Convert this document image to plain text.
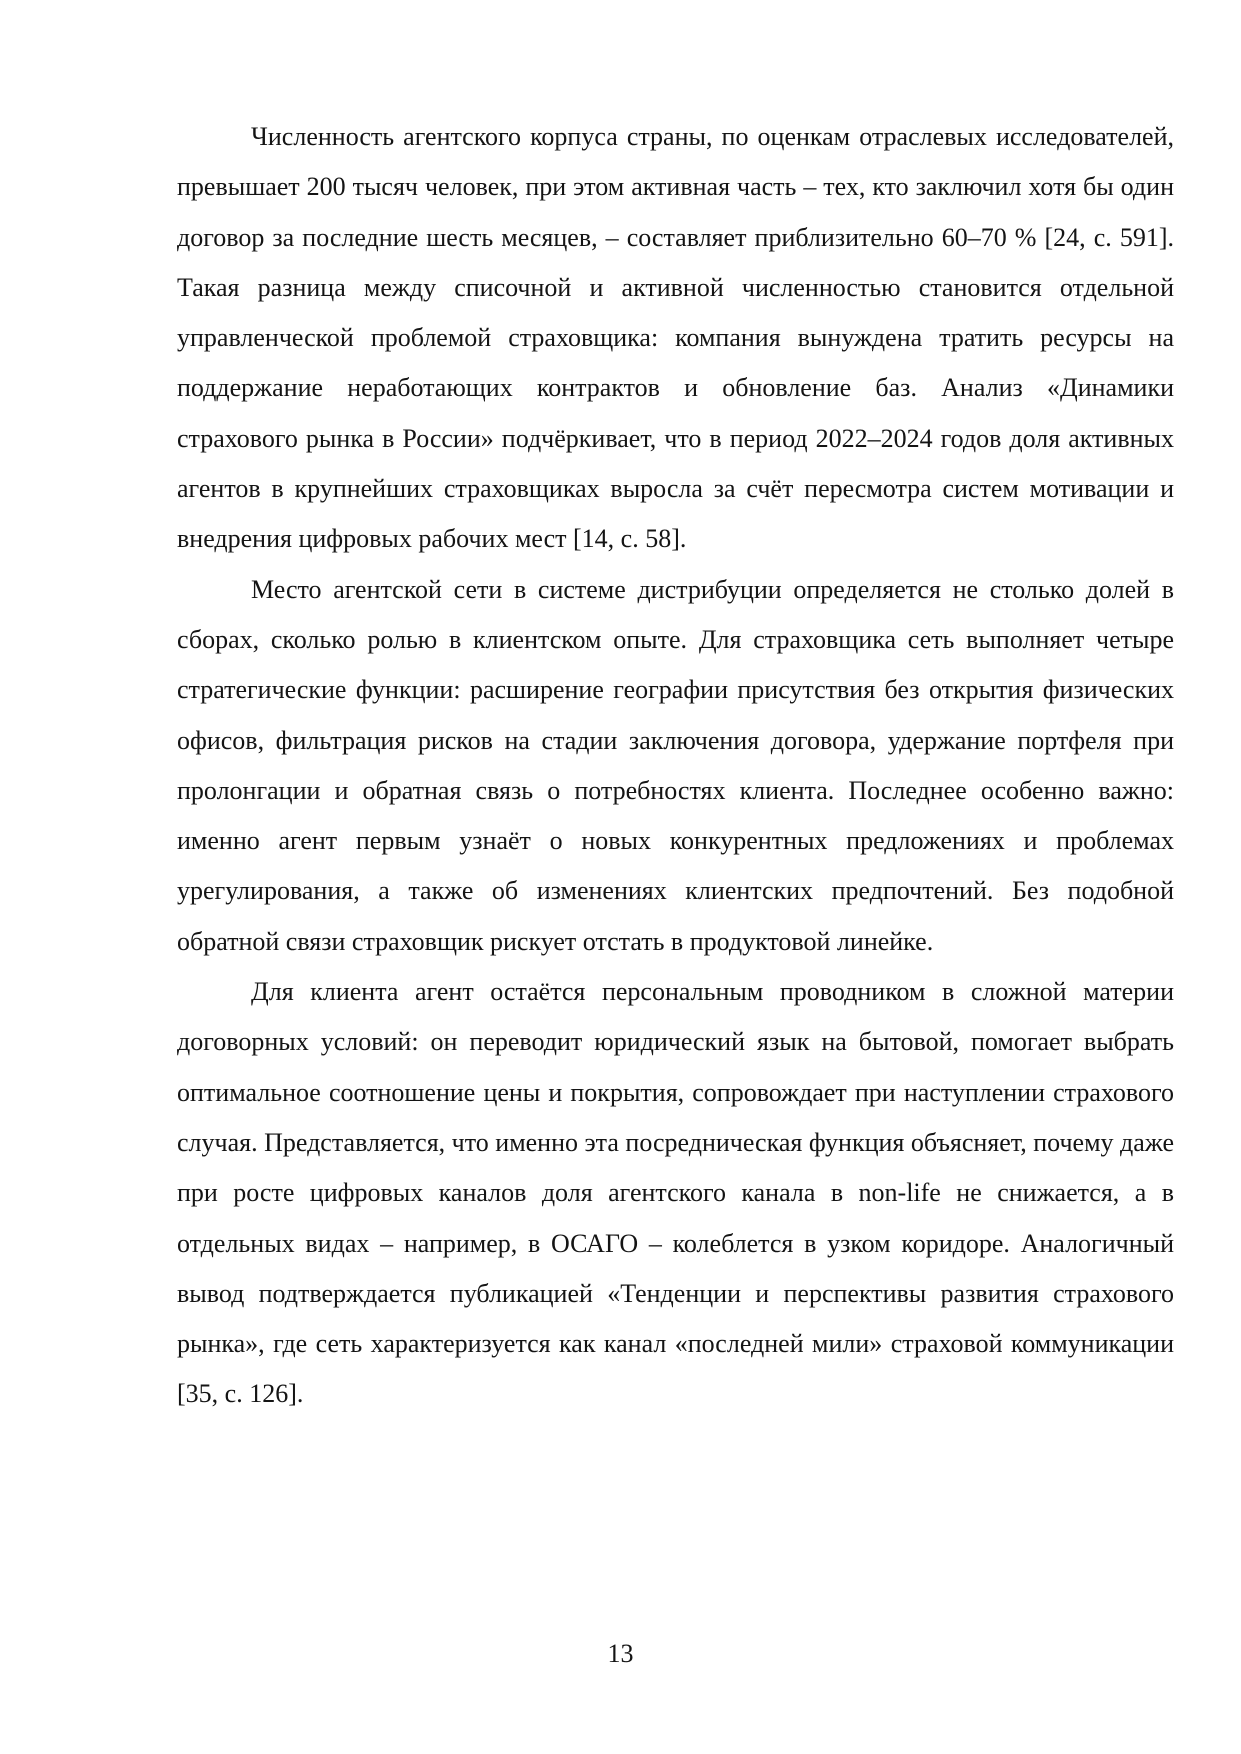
Численность агентского корпуса страны, по оценкам отраслевых исследователей, превышает 200 тысяч человек, при этом активная часть – тех, кто заключил хотя бы один договор за последние шесть месяцев, – составляет приблизительно 60–70 % [24, с. 591]. Такая разница между списочной и активной численностью становится отдельной управленческой проблемой страховщика: компания вынуждена тратить ресурсы на поддержание неработающих контрактов и обновление баз. Анализ «Динамики страхового рынка в России» подчёркивает, что в период 2022–2024 годов доля активных агентов в крупнейших страховщиках выросла за счёт пересмотра систем мотивации и внедрения цифровых рабочих мест [14, с. 58].

Место агентской сети в системе дистрибуции определяется не столько долей в сборах, сколько ролью в клиентском опыте. Для страховщика сеть выполняет четыре стратегические функции: расширение географии присутствия без открытия физических офисов, фильтрация рисков на стадии заключения договора, удержание портфеля при пролонгации и обратная связь о потребностях клиента. Последнее особенно важно: именно агент первым узнаёт о новых конкурентных предложениях и проблемах урегулирования, а также об изменениях клиентских предпочтений. Без подобной обратной связи страховщик рискует отстать в продуктовой линейке.

Для клиента агент остаётся персональным проводником в сложной материи договорных условий: он переводит юридический язык на бытовой, помогает выбрать оптимальное соотношение цены и покрытия, сопровождает при наступлении страхового случая. Представляется, что именно эта посредническая функция объясняет, почему даже при росте цифровых каналов доля агентского канала в non-life не снижается, а в отдельных видах – например, в ОСАГО – колеблется в узком коридоре. Аналогичный вывод подтверждается публикацией «Тенденции и перспективы развития страхового рынка», где сеть характеризуется как канал «последней мили» страховой коммуникации [35, с. 126].

13
